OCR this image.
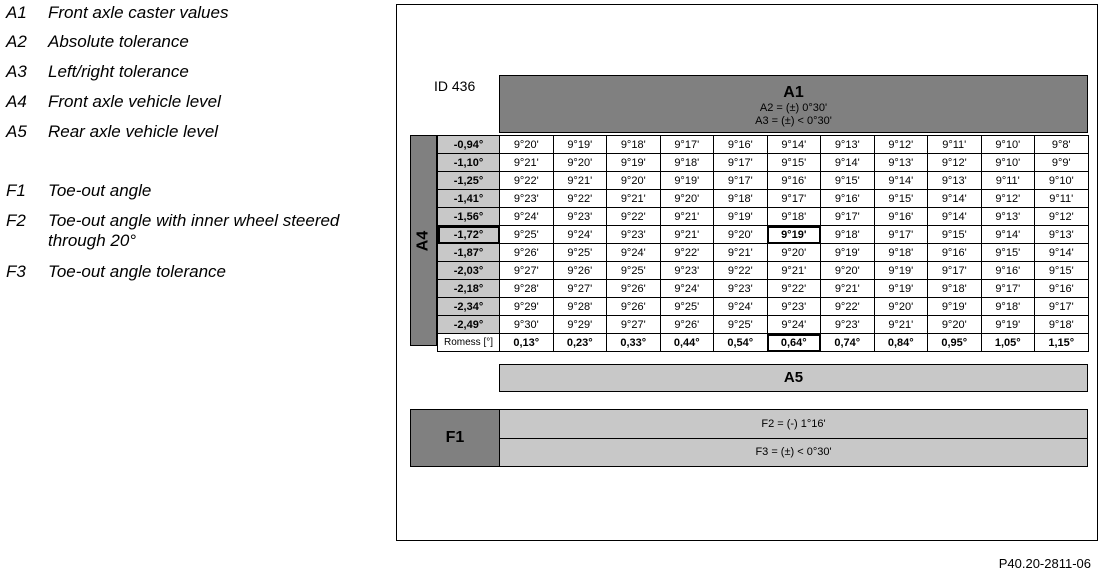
A1	Front axle caster values
A2	Absolute tolerance
A3	Left/right tolerance
A4	Front axle vehicle level
A5	Rear axle vehicle level
F1	Toe-out angle
F2	Toe-out angle with inner wheel steered through 20°
F3	Toe-out angle tolerance
ID 436	A1
A2 = (±) 0°30'
A3 = (±) < 0°30'
A4
-0,94°	9°20'	9°19'	9°18'	9°17'	9°16'	9°14'	9°13'	9°12'	9°11'	9°10'	9°8'
-1,10°	9°21'	9°20'	9°19'	9°18'	9°17'	9°15'	9°14'	9°13'	9°12'	9°10'	9°9'
-1,25°	9°22'	9°21'	9°20'	9°19'	9°17'	9°16'	9°15'	9°14'	9°13'	9°11'	9°10'
-1,41°	9°23'	9°22'	9°21'	9°20'	9°18'	9°17'	9°16'	9°15'	9°14'	9°12'	9°11'
-1,56°	9°24'	9°23'	9°22'	9°21'	9°19'	9°18'	9°17'	9°16'	9°14'	9°13'	9°12'
-1,72°	9°25'	9°24'	9°23'	9°21'	9°20'	9°19'	9°18'	9°17'	9°15'	9°14'	9°13'
-1,87°	9°26'	9°25'	9°24'	9°22'	9°21'	9°20'	9°19'	9°18'	9°16'	9°15'	9°14'
-2,03°	9°27'	9°26'	9°25'	9°23'	9°22'	9°21'	9°20'	9°19'	9°17'	9°16'	9°15'
-2,18°	9°28'	9°27'	9°26'	9°24'	9°23'	9°22'	9°21'	9°19'	9°18'	9°17'	9°16'
-2,34°	9°29'	9°28'	9°26'	9°25'	9°24'	9°23'	9°22'	9°20'	9°19'	9°18'	9°17'
-2,49°	9°30'	9°29'	9°27'	9°26'	9°25'	9°24'	9°23'	9°21'	9°20'	9°19'	9°18'
Romess [°]	0,13°	0,23°	0,33°	0,44°	0,54°	0,64°	0,74°	0,84°	0,95°	1,05°	1,15°
A5
F1
F2 = (-) 1°16'
F3 = (±) < 0°30'
P40.20-2811-06
